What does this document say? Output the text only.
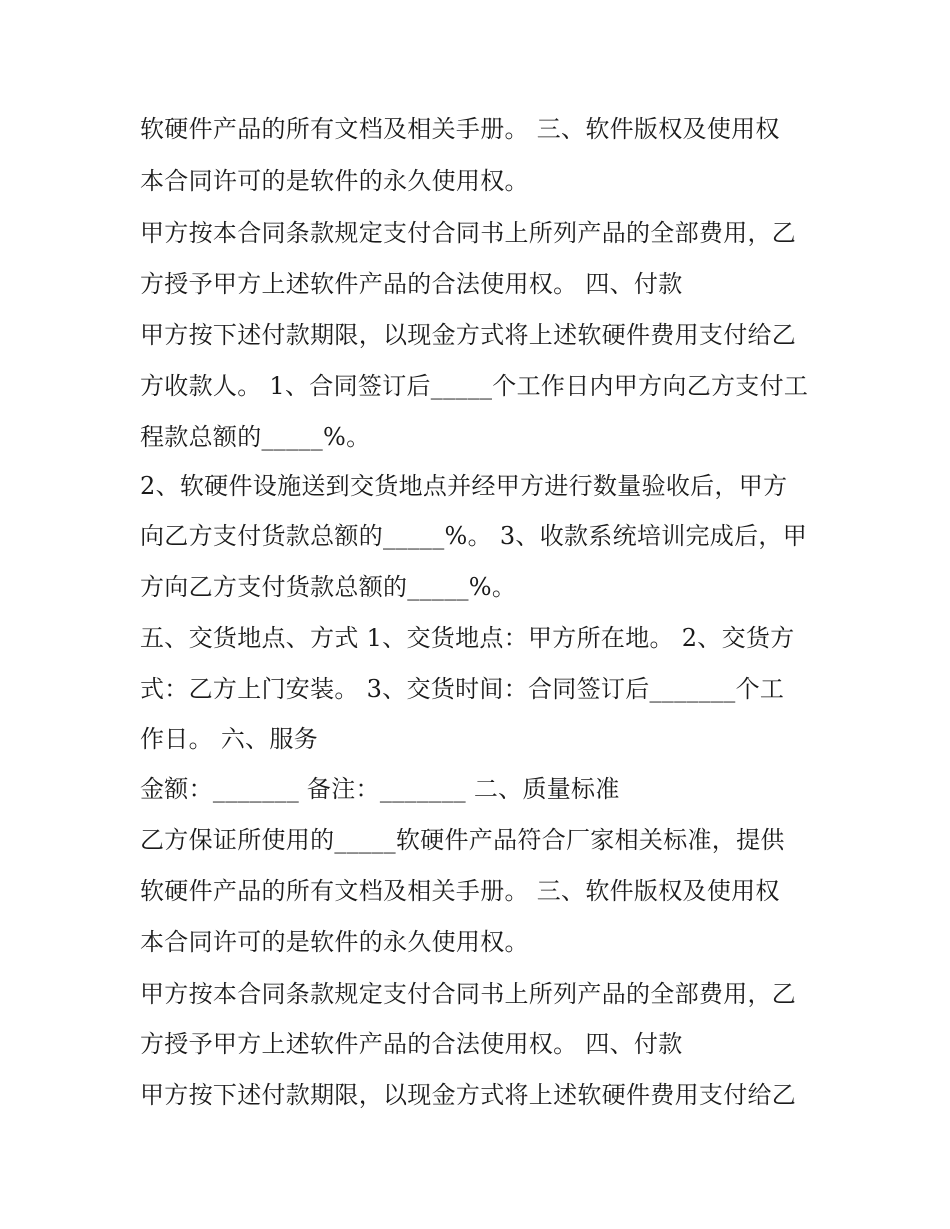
软硬件产品的所有文档及相关手册。 三、软件版权及使用权
本合同许可的是软件的永久使用权。
甲方按本合同条款规定支付合同书上所列产品的全部费用，乙
方授予甲方上述软件产品的合法使用权。 四、付款
甲方按下述付款期限，以现金方式将上述软硬件费用支付给乙
方收款人。 1、合同签订后_____个工作日内甲方向乙方支付工
程款总额的_____%。
2、软硬件设施送到交货地点并经甲方进行数量验收后，甲方
向乙方支付货款总额的_____%。 3、收款系统培训完成后，甲
方向乙方支付货款总额的_____%。
五、交货地点、方式 1、交货地点：甲方所在地。 2、交货方
式：乙方上门安装。 3、交货时间：合同签订后_______个工
作日。 六、服务
金额：_______ 备注：_______ 二、质量标准
乙方保证所使用的_____软硬件产品符合厂家相关标准，提供
软硬件产品的所有文档及相关手册。 三、软件版权及使用权
本合同许可的是软件的永久使用权。
甲方按本合同条款规定支付合同书上所列产品的全部费用，乙
方授予甲方上述软件产品的合法使用权。 四、付款
甲方按下述付款期限，以现金方式将上述软硬件费用支付给乙
